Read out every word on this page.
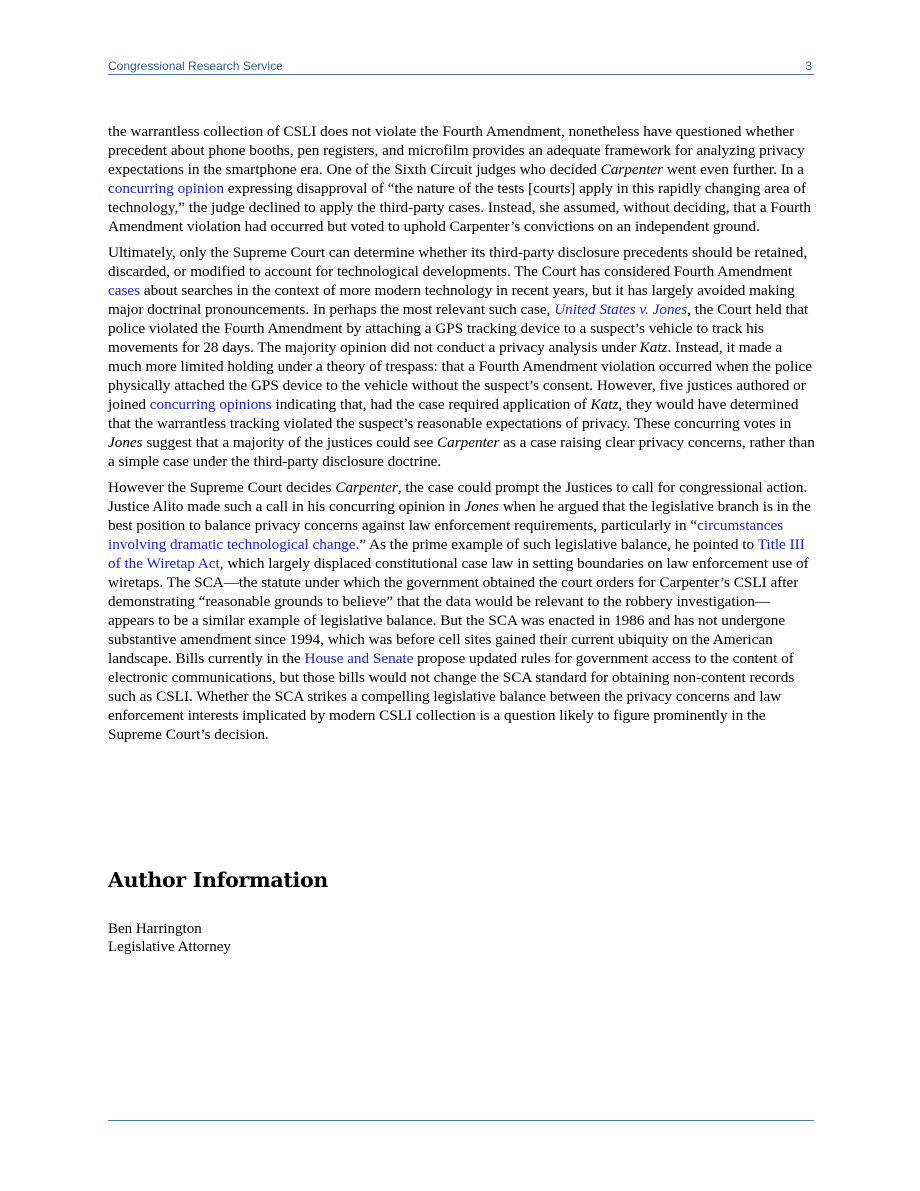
Congressional Research Service	3

the warrantless collection of CSLI does not violate the Fourth Amendment, nonetheless have questioned whether precedent about phone booths, pen registers, and microfilm provides an adequate framework for analyzing privacy expectations in the smartphone era. One of the Sixth Circuit judges who decided Carpenter went even further. In a concurring opinion expressing disapproval of “the nature of the tests [courts] apply in this rapidly changing area of technology,” the judge declined to apply the third-party cases. Instead, she assumed, without deciding, that a Fourth Amendment violation had occurred but voted to uphold Carpenter’s convictions on an independent ground.

Ultimately, only the Supreme Court can determine whether its third-party disclosure precedents should be retained, discarded, or modified to account for technological developments. The Court has considered Fourth Amendment cases about searches in the context of more modern technology in recent years, but it has largely avoided making major doctrinal pronouncements. In perhaps the most relevant such case, United States v. Jones, the Court held that police violated the Fourth Amendment by attaching a GPS tracking device to a suspect’s vehicle to track his movements for 28 days. The majority opinion did not conduct a privacy analysis under Katz. Instead, it made a much more limited holding under a theory of trespass: that a Fourth Amendment violation occurred when the police physically attached the GPS device to the vehicle without the suspect’s consent. However, five justices authored or joined concurring opinions indicating that, had the case required application of Katz, they would have determined that the warrantless tracking violated the suspect’s reasonable expectations of privacy. These concurring votes in Jones suggest that a majority of the justices could see Carpenter as a case raising clear privacy concerns, rather than a simple case under the third-party disclosure doctrine.

However the Supreme Court decides Carpenter, the case could prompt the Justices to call for congressional action. Justice Alito made such a call in his concurring opinion in Jones when he argued that the legislative branch is in the best position to balance privacy concerns against law enforcement requirements, particularly in “circumstances involving dramatic technological change.” As the prime example of such legislative balance, he pointed to Title III of the Wiretap Act, which largely displaced constitutional case law in setting boundaries on law enforcement use of wiretaps. The SCA—the statute under which the government obtained the court orders for Carpenter’s CSLI after demonstrating “reasonable grounds to believe” that the data would be relevant to the robbery investigation—appears to be a similar example of legislative balance. But the SCA was enacted in 1986 and has not undergone substantive amendment since 1994, which was before cell sites gained their current ubiquity on the American landscape. Bills currently in the House and Senate propose updated rules for government access to the content of electronic communications, but those bills would not change the SCA standard for obtaining non-content records such as CSLI. Whether the SCA strikes a compelling legislative balance between the privacy concerns and law enforcement interests implicated by modern CSLI collection is a question likely to figure prominently in the Supreme Court’s decision.

Author Information
Ben Harrington
Legislative Attorney
